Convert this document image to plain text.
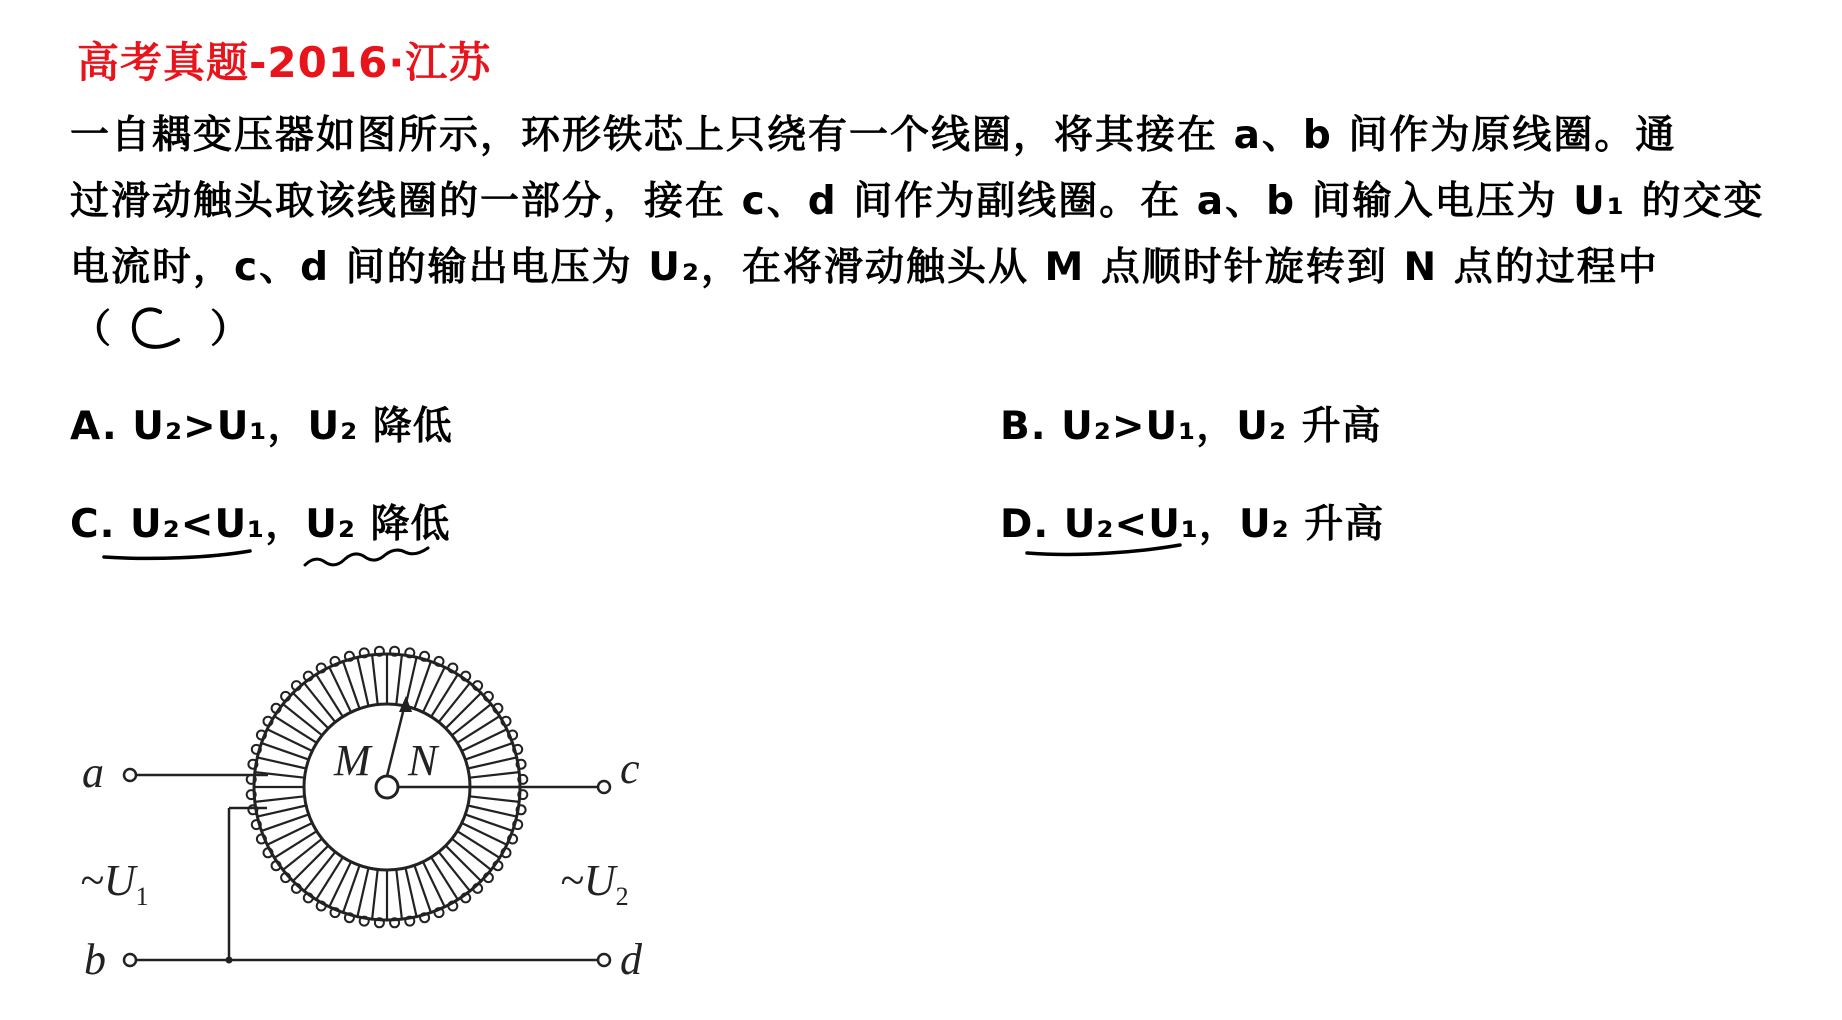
高考真题-2016·江苏
一自耦变压器如图所示，环形铁芯上只绕有一个线圈，将其接在 a、b 间作为原线圈。通
过滑动触头取该线圈的一部分，接在 c、d 间作为副线圈。在 a、b 间输入电压为 U₁ 的交变
电流时，c、d 间的输出电压为 U₂，在将滑动触头从 M 点顺时针旋转到 N 点的过程中
（ ）
A. U₂>U₁，U₂ 降低	B. U₂>U₁，U₂ 升高
C. U₂<U₁，U₂ 降低	D. U₂<U₁，U₂ 升高
M N
a
b
c
d
$\sim U_1$	$\sim U_2$
